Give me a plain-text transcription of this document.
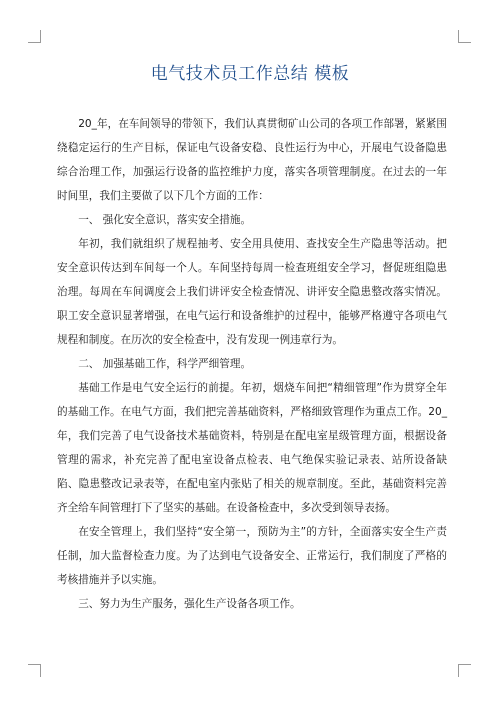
电气技术员工作总结 模板

20_年，在车间领导的带领下，我们认真贯彻矿山公司的各项工作部署，紧紧围绕稳定运行的生产目标，保证电气设备安稳、良性运行为中心，开展电气设备隐患综合治理工作，加强运行设备的监控维护力度，落实各项管理制度。在过去的一年时间里，我们主要做了以下几个方面的工作：

一、 强化安全意识，落实安全措施。

年初，我们就组织了规程抽考、安全用具使用、查找安全生产隐患等活动。把安全意识传达到车间每一个人。车间坚持每周一检查班组安全学习，督促班组隐患治理。每周在车间调度会上我们讲评安全检查情况、讲评安全隐患整改落实情况。职工安全意识显著增强，在电气运行和设备维护的过程中，能够严格遵守各项电气规程和制度。在历次的安全检查中，没有发现一例违章行为。

二、 加强基础工作，科学严细管理。

基础工作是电气安全运行的前提。年初，烟烧车间把“精细管理”作为贯穿全年的基础工作。在电气方面，我们把完善基础资料，严格细致管理作为重点工作。20_年，我们完善了电气设备技术基础资料，特别是在配电室星级管理方面，根据设备管理的需求，补充完善了配电室设备点检表、电气绝保实验记录表、站所设备缺陷、隐患整改记录表等，在配电室内张贴了相关的规章制度。至此，基础资料完善齐全给车间管理打下了坚实的基础。在设备检查中，多次受到领导表扬。

在安全管理上，我们坚持“安全第一，预防为主”的方针，全面落实安全生产责任制，加大监督检查力度。为了达到电气设备安全、正常运行，我们制度了严格的考核措施并予以实施。

三、努力为生产服务，强化生产设备各项工作。
